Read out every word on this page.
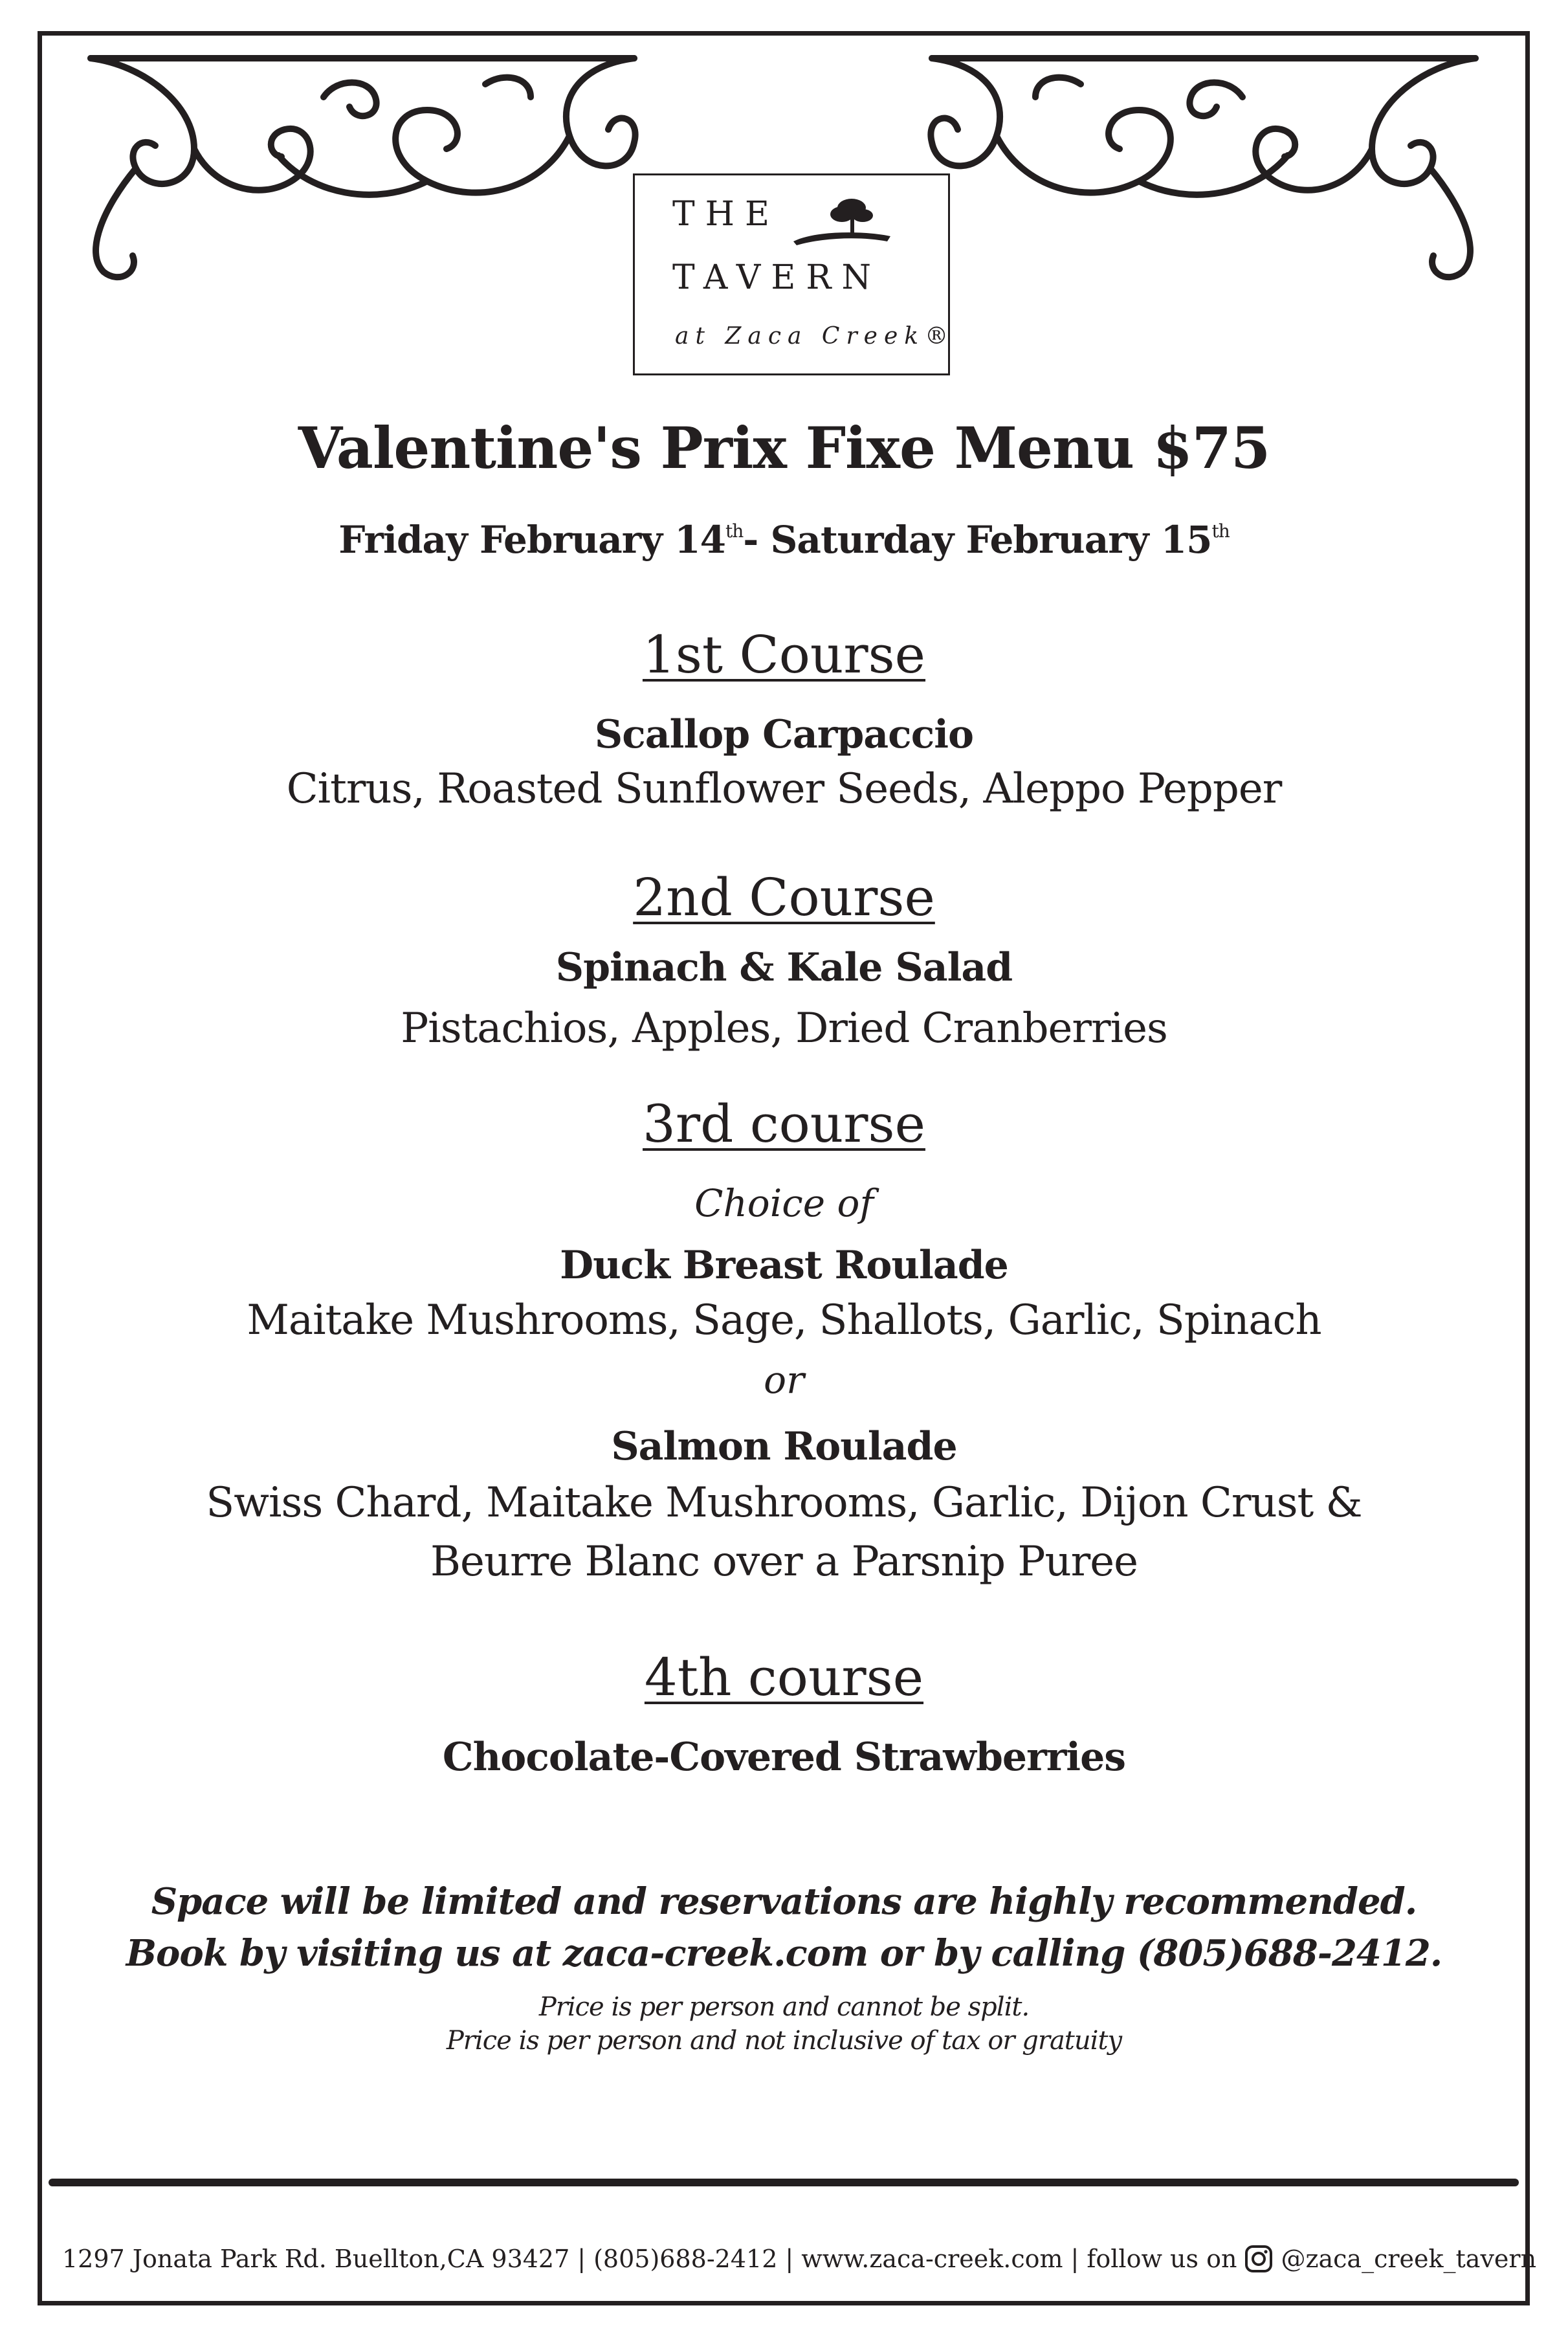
THE
TAVERN
at Zaca Creek®
Valentine's Prix Fixe Menu $75
Friday February 14th- Saturday February 15th
1st Course
Scallop Carpaccio
Citrus, Roasted Sunflower Seeds, Aleppo Pepper
2nd Course
Spinach & Kale Salad
Pistachios, Apples, Dried Cranberries
3rd course
Choice of
Duck Breast Roulade
Maitake Mushrooms, Sage, Shallots, Garlic, Spinach
or
Salmon Roulade
Swiss Chard, Maitake Mushrooms, Garlic, Dijon Crust &
Beurre Blanc over a Parsnip Puree
4th course
Chocolate-Covered Strawberries
Space will be limited and reservations are highly recommended.
Book by visiting us at zaca-creek.com or by calling (805)688-2412.
Price is per person and cannot be split.
Price is per person and not inclusive of tax or gratuity
1297 Jonata Park Rd. Buellton,CA 93427 | (805)688-2412 | www.zaca-creek.com | follow us on @zaca_creek_tavern
